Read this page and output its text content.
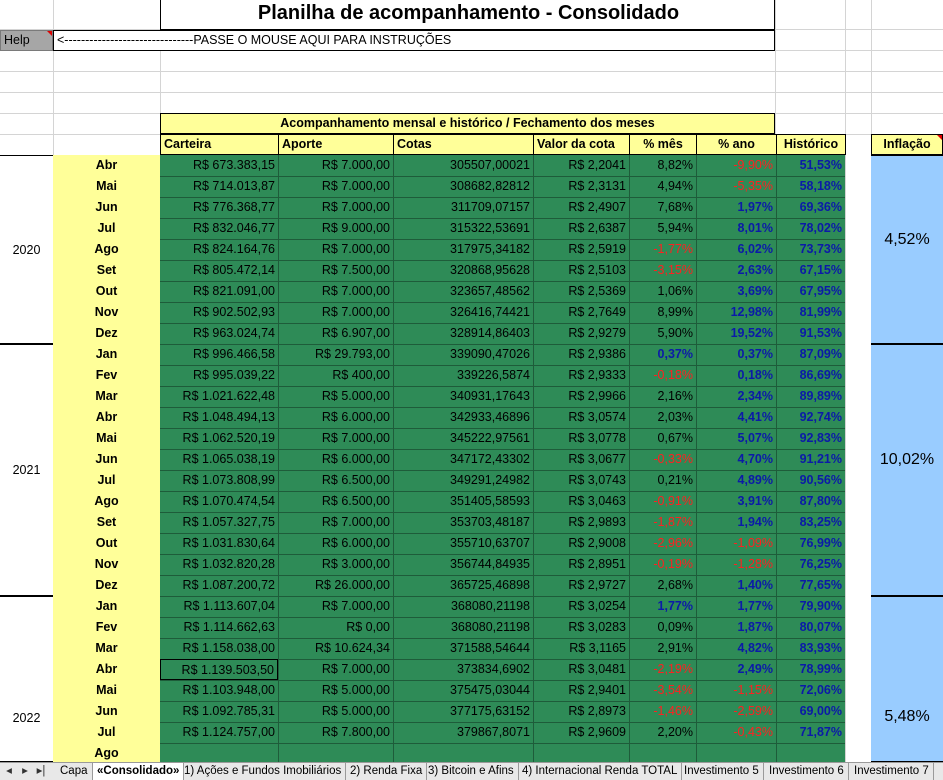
Planilha de acompanhamento - Consolidado
Help	<-------------------------------PASSE O MOUSE AQUI PARA INSTRUÇÕES
Acompanhamento mensal e histórico / Fechamento dos meses
Carteira	Aporte	Cotas	Valor da cota	% mês	% ano	Histórico	Inflação
2020
4,52%
2021
10,02%
2022	5,48%
Abr	R$ 673.383,15	R$ 7.000,00	305507,00021	R$ 2,2041	8,82%	-9,90%	51,53%
Mai	R$ 714.013,87	R$ 7.000,00	308682,82812	R$ 2,3131	4,94%	-5,35%	58,18%
Jun	R$ 776.368,77	R$ 7.000,00	311709,07157	R$ 2,4907	7,68%	1,97%	69,36%
Jul	R$ 832.046,77	R$ 9.000,00	315322,53691	R$ 2,6387	5,94%	8,01%	78,02%
Ago	R$ 824.164,76	R$ 7.000,00	317975,34182	R$ 2,5919	-1,77%	6,02%	73,73%
Set	R$ 805.472,14	R$ 7.500,00	320868,95628	R$ 2,5103	-3,15%	2,63%	67,15%
Out	R$ 821.091,00	R$ 7.000,00	323657,48562	R$ 2,5369	1,06%	3,69%	67,95%
Nov	R$ 902.502,93	R$ 7.000,00	326416,74421	R$ 2,7649	8,99%	12,98%	81,99%
Dez	R$ 963.024,74	R$ 6.907,00	328914,86403	R$ 2,9279	5,90%	19,52%	91,53%
Jan	R$ 996.466,58	R$ 29.793,00	339090,47026	R$ 2,9386	0,37%	0,37%	87,09%
Fev	R$ 995.039,22	R$ 400,00	339226,5874	R$ 2,9333	-0,18%	0,18%	86,69%
Mar	R$ 1.021.622,48	R$ 5.000,00	340931,17643	R$ 2,9966	2,16%	2,34%	89,89%
Abr	R$ 1.048.494,13	R$ 6.000,00	342933,46896	R$ 3,0574	2,03%	4,41%	92,74%
Mai	R$ 1.062.520,19	R$ 7.000,00	345222,97561	R$ 3,0778	0,67%	5,07%	92,83%
Jun	R$ 1.065.038,19	R$ 6.000,00	347172,43302	R$ 3,0677	-0,33%	4,70%	91,21%
Jul	R$ 1.073.808,99	R$ 6.500,00	349291,24982	R$ 3,0743	0,21%	4,89%	90,56%
Ago	R$ 1.070.474,54	R$ 6.500,00	351405,58593	R$ 3,0463	-0,91%	3,91%	87,80%
Set	R$ 1.057.327,75	R$ 7.000,00	353703,48187	R$ 2,9893	-1,87%	1,94%	83,25%
Out	R$ 1.031.830,64	R$ 6.000,00	355710,63707	R$ 2,9008	-2,96%	-1,09%	76,99%
Nov	R$ 1.032.820,28	R$ 3.000,00	356744,84935	R$ 2,8951	-0,19%	-1,28%	76,25%
Dez	R$ 1.087.200,72	R$ 26.000,00	365725,46898	R$ 2,9727	2,68%	1,40%	77,65%
Jan	R$ 1.113.607,04	R$ 7.000,00	368080,21198	R$ 3,0254	1,77%	1,77%	79,90%
Fev	R$ 1.114.662,63	R$ 0,00	368080,21198	R$ 3,0283	0,09%	1,87%	80,07%
Mar	R$ 1.158.038,00	R$ 10.624,34	371588,54644	R$ 3,1165	2,91%	4,82%	83,93%
Abr	R$ 1.139.503,50	R$ 7.000,00	373834,6902	R$ 3,0481	-2,19%	2,49%	78,99%
Mai	R$ 1.103.948,00	R$ 5.000,00	375475,03044	R$ 2,9401	-3,54%	-1,15%	72,06%
Jun	R$ 1.092.785,31	R$ 5.000,00	377175,63152	R$ 2,8973	-1,46%	-2,59%	69,00%
Jul	R$ 1.124.757,00	R$ 7.800,00	379867,8071	R$ 2,9609	2,20%	-0,43%	71,87%
Ago
◂ ▸ ▸|	Capa «Consolidado» 1) Ações e Fundos Imobiliários 2) Renda Fixa 3) Bitcoin e Afins 4) Internacional Renda TOTAL Investimento 5 Investimento 6 Investimento 7
